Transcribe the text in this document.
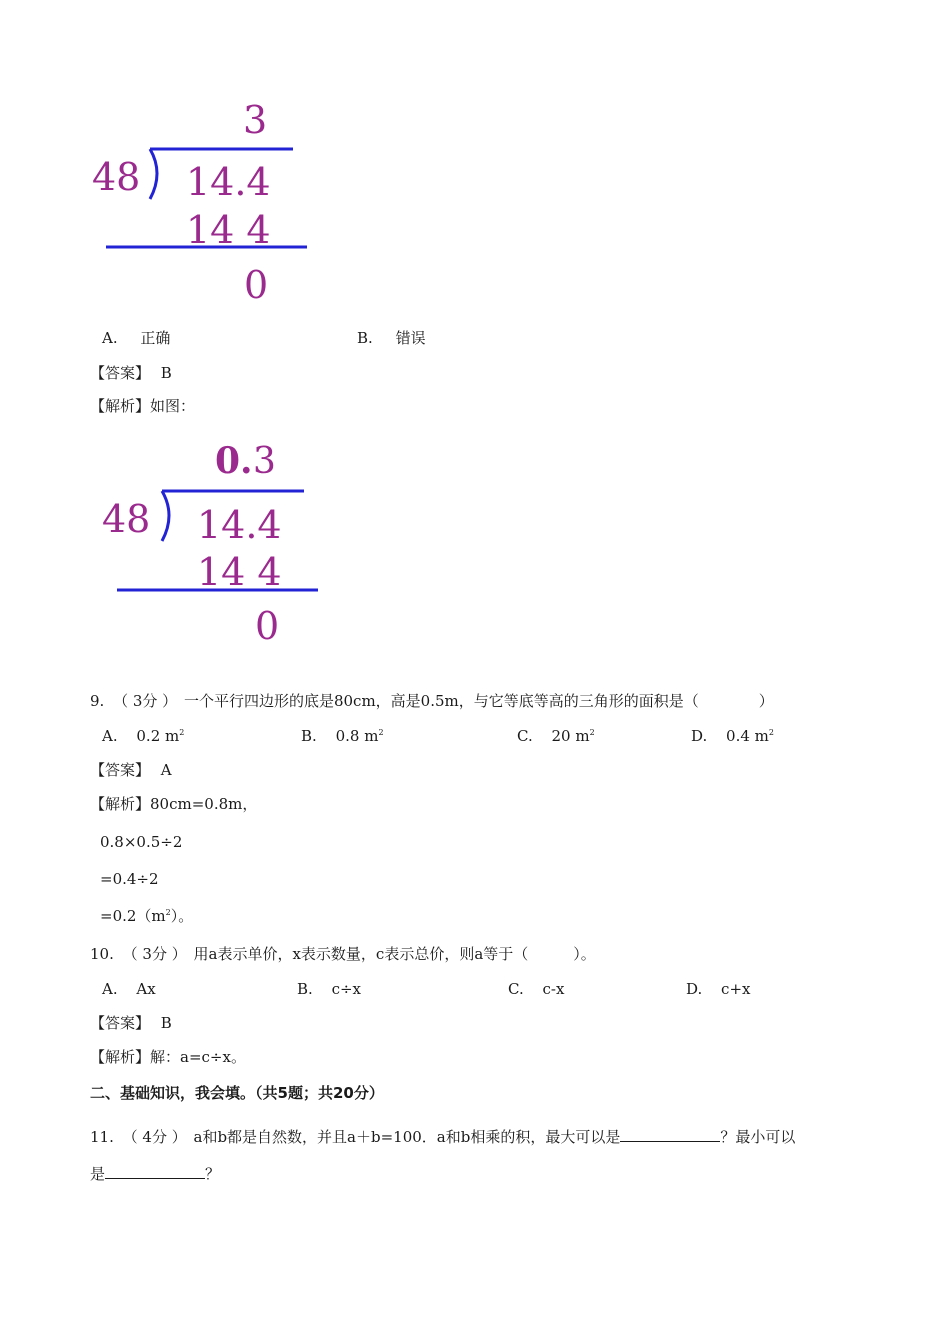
3
48 14.4
14 4
0
A. 正确	B. 错误
【答案】 B
【解析】如图：
0. 3
48 14.4
14 4
0
9. （ 3分 ） 一个平行四边形的底是80cm，高是0.5m，与它等底等高的三角形的面积是（　　　　）
A. 0.2 $m^2$	B. 0.8 $m^2$	C. 20 $m^2$	D. 0.4 $m^2$
【答案】 A
【解析】80cm=0.8m，
0.8×0.5÷2
=0.4÷2
$=0.2(m^2)$。
10. （ 3分 ） 用a表示单价，x表示数量，c表示总价，则a等于（　　　）。
A. Ax	B. c÷x	C. c-x	D. c+x
【答案】 B
【解析】解：a=c÷x。
二、基础知识，我会填。（共5题；共20分）
11. （ 4分 ） a和b都是自然数，并且a＋b=100．a和b相乘的积，最大可以是	？最小可以
是	？
